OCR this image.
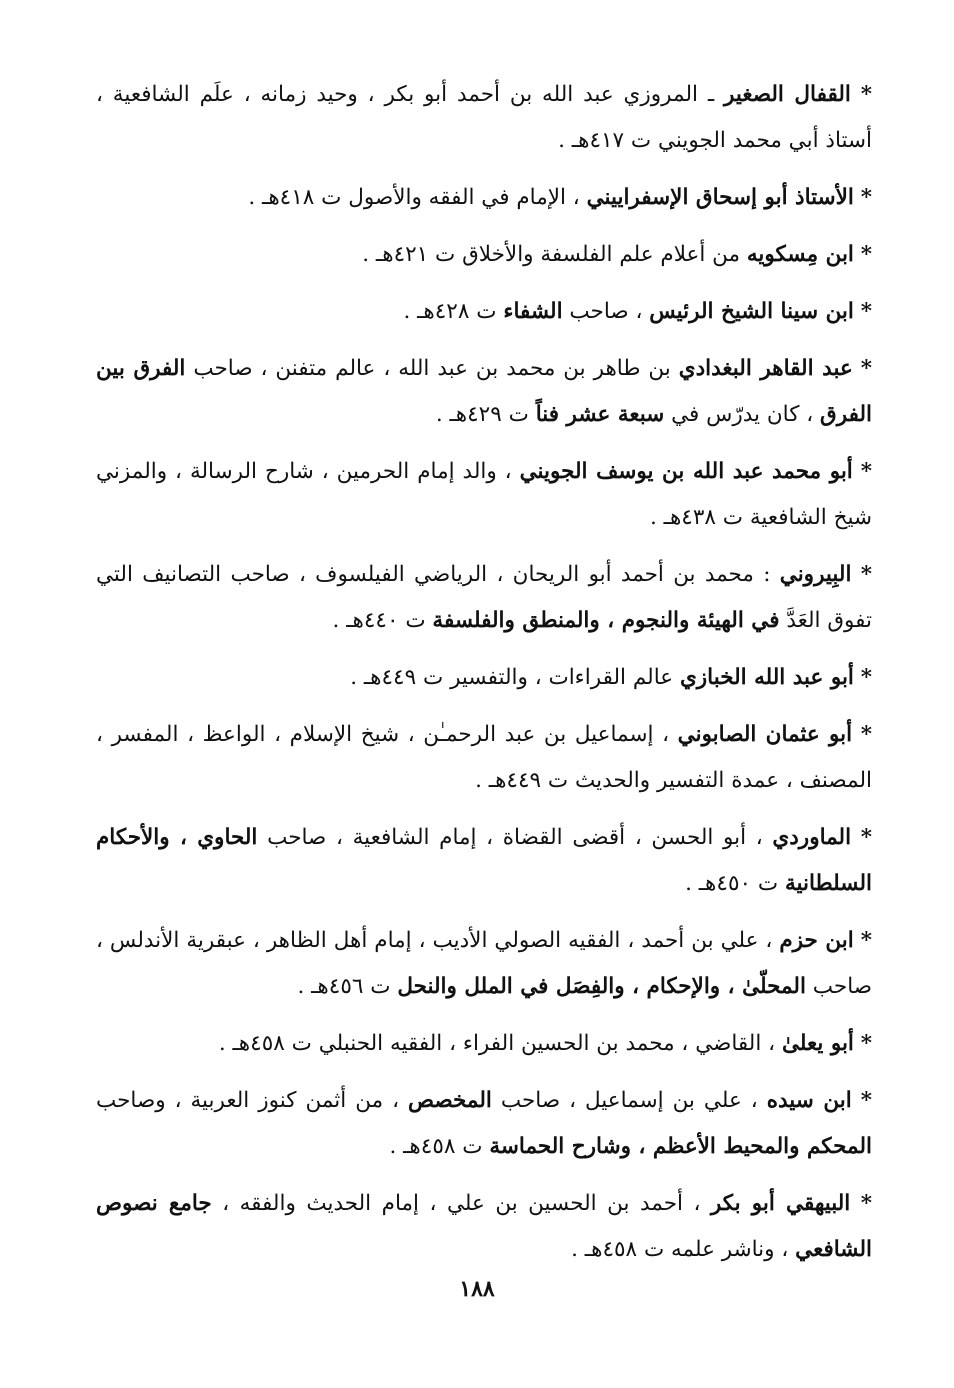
* القفال الصغير ـ المروزي عبد الله بن أحمد أبو بكر ، وحيد زمانه ، علَم الشافعية ، أستاذ أبي محمد الجويني ت ٤١٧هـ .

* الأستاذ أبو إسحاق الإسفراييني ، الإمام في الفقه والأصول ت ٤١٨هـ .

* ابن مِسكويه من أعلام علم الفلسفة والأخلاق ت ٤٢١هـ .

* ابن سينا الشيخ الرئيس ، صاحب الشفاء ت ٤٢٨هـ .

* عبد القاهر البغدادي بن طاهر بن محمد بن عبد الله ، عالم متفنن ، صاحب الفرق بين الفرق ، كان يدرّس في سبعة عشر فناً ت ٤٢٩هـ .

* أبو محمد عبد الله بن يوسف الجويني ، والد إمام الحرمين ، شارح الرسالة ، والمزني شيخ الشافعية ت ٤٣٨هـ .

* البِيروني : محمد بن أحمد أبو الريحان ، الرياضي الفيلسوف ، صاحب التصانيف التي تفوق العَدَّ في الهيئة والنجوم ، والمنطق والفلسفة ت ٤٤٠هـ .

* أبو عبد الله الخبازي عالم القراءات ، والتفسير ت ٤٤٩هـ .

* أبو عثمان الصابوني ، إسماعيل بن عبد الرحمـٰن ، شيخ الإسلام ، الواعظ ، المفسر ، المصنف ، عمدة التفسير والحديث ت ٤٤٩هـ .

* الماوردي ، أبو الحسن ، أقضى القضاة ، إمام الشافعية ، صاحب الحاوي ، والأحكام السلطانية ت ٤٥٠هـ .

* ابن حزم ، علي بن أحمد ، الفقيه الصولي الأديب ، إمام أهل الظاهر ، عبقرية الأندلس ، صاحب المحلّىٰ ، والإحكام ، والفِصَل في الملل والنحل ت ٤٥٦هـ .

* أبو يعلىٰ ، القاضي ، محمد بن الحسين الفراء ، الفقيه الحنبلي ت ٤٥٨هـ .

* ابن سيده ، علي بن إسماعيل ، صاحب المخصص ، من أثمن كنوز العربية ، وصاحب المحكم والمحيط الأعظم ، وشارح الحماسة ت ٤٥٨هـ .

* البيهقي أبو بكر ، أحمد بن الحسين بن علي ، إمام الحديث والفقه ، جامع نصوص الشافعي ، وناشر علمه ت ٤٥٨هـ .

١٨٨
